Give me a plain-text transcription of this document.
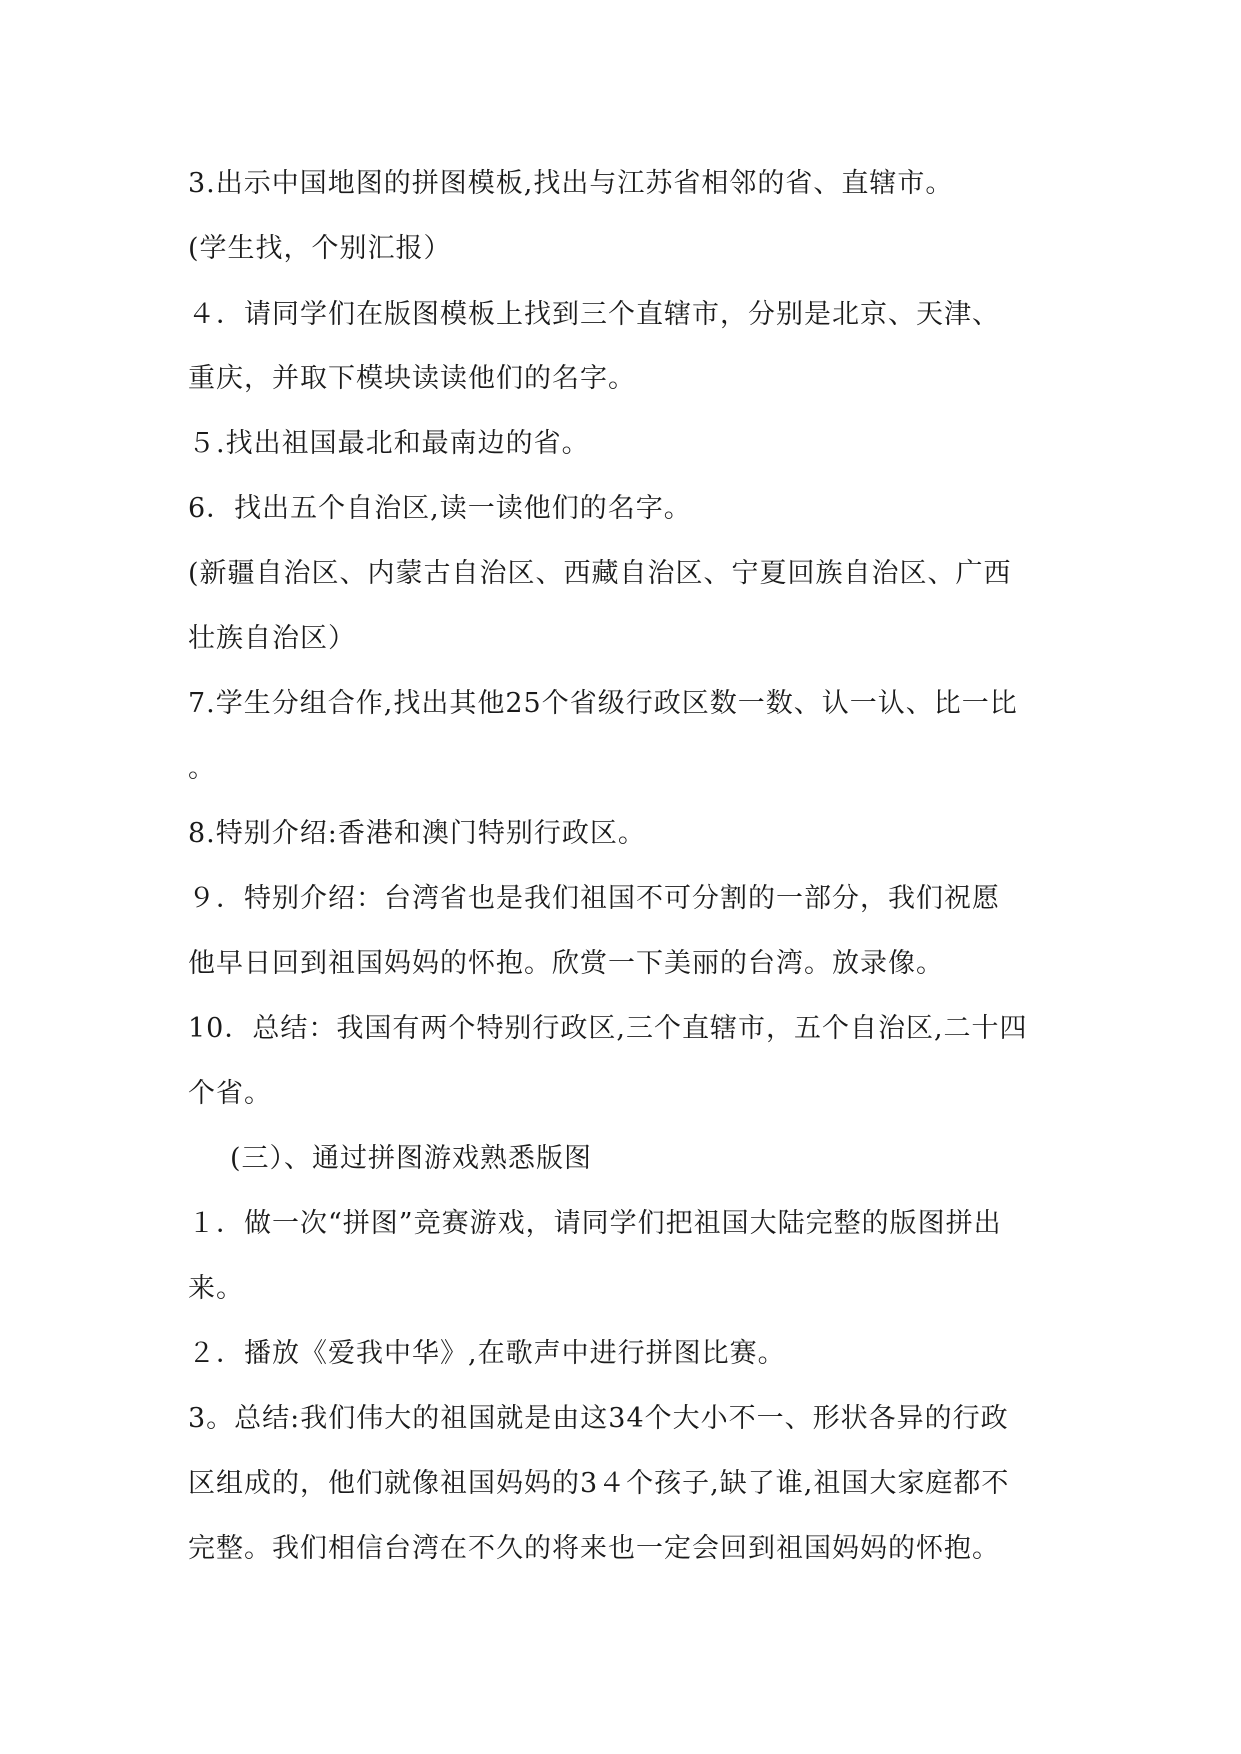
3.出示中国地图的拼图模板,找出与江苏省相邻的省、直辖市。
(学生找，个别汇报）
４．请同学们在版图模板上找到三个直辖市，分别是北京、天津、
重庆，并取下模块读读他们的名字。
５.找出祖国最北和最南边的省。
6．找出五个自治区,读一读他们的名字。
(新疆自治区、内蒙古自治区、西藏自治区、宁夏回族自治区、广西
壮族自治区）
7.学生分组合作,找出其他25个省级行政区数一数、认一认、比一比
。
8.特别介绍:香港和澳门特别行政区。
９．特别介绍：台湾省也是我们祖国不可分割的一部分，我们祝愿
他早日回到祖国妈妈的怀抱。欣赏一下美丽的台湾。放录像。
10．总结：我国有两个特别行政区,三个直辖市，五个自治区,二十四
个省。
(三）、通过拼图游戏熟悉版图
１．做一次“拼图”竞赛游戏，请同学们把祖国大陆完整的版图拼出
来。
２．播放《爱我中华》,在歌声中进行拼图比赛。
3。总结:我们伟大的祖国就是由这34个大小不一、形状各异的行政
区组成的，他们就像祖国妈妈的3４个孩子,缺了谁,祖国大家庭都不
完整。我们相信台湾在不久的将来也一定会回到祖国妈妈的怀抱。
